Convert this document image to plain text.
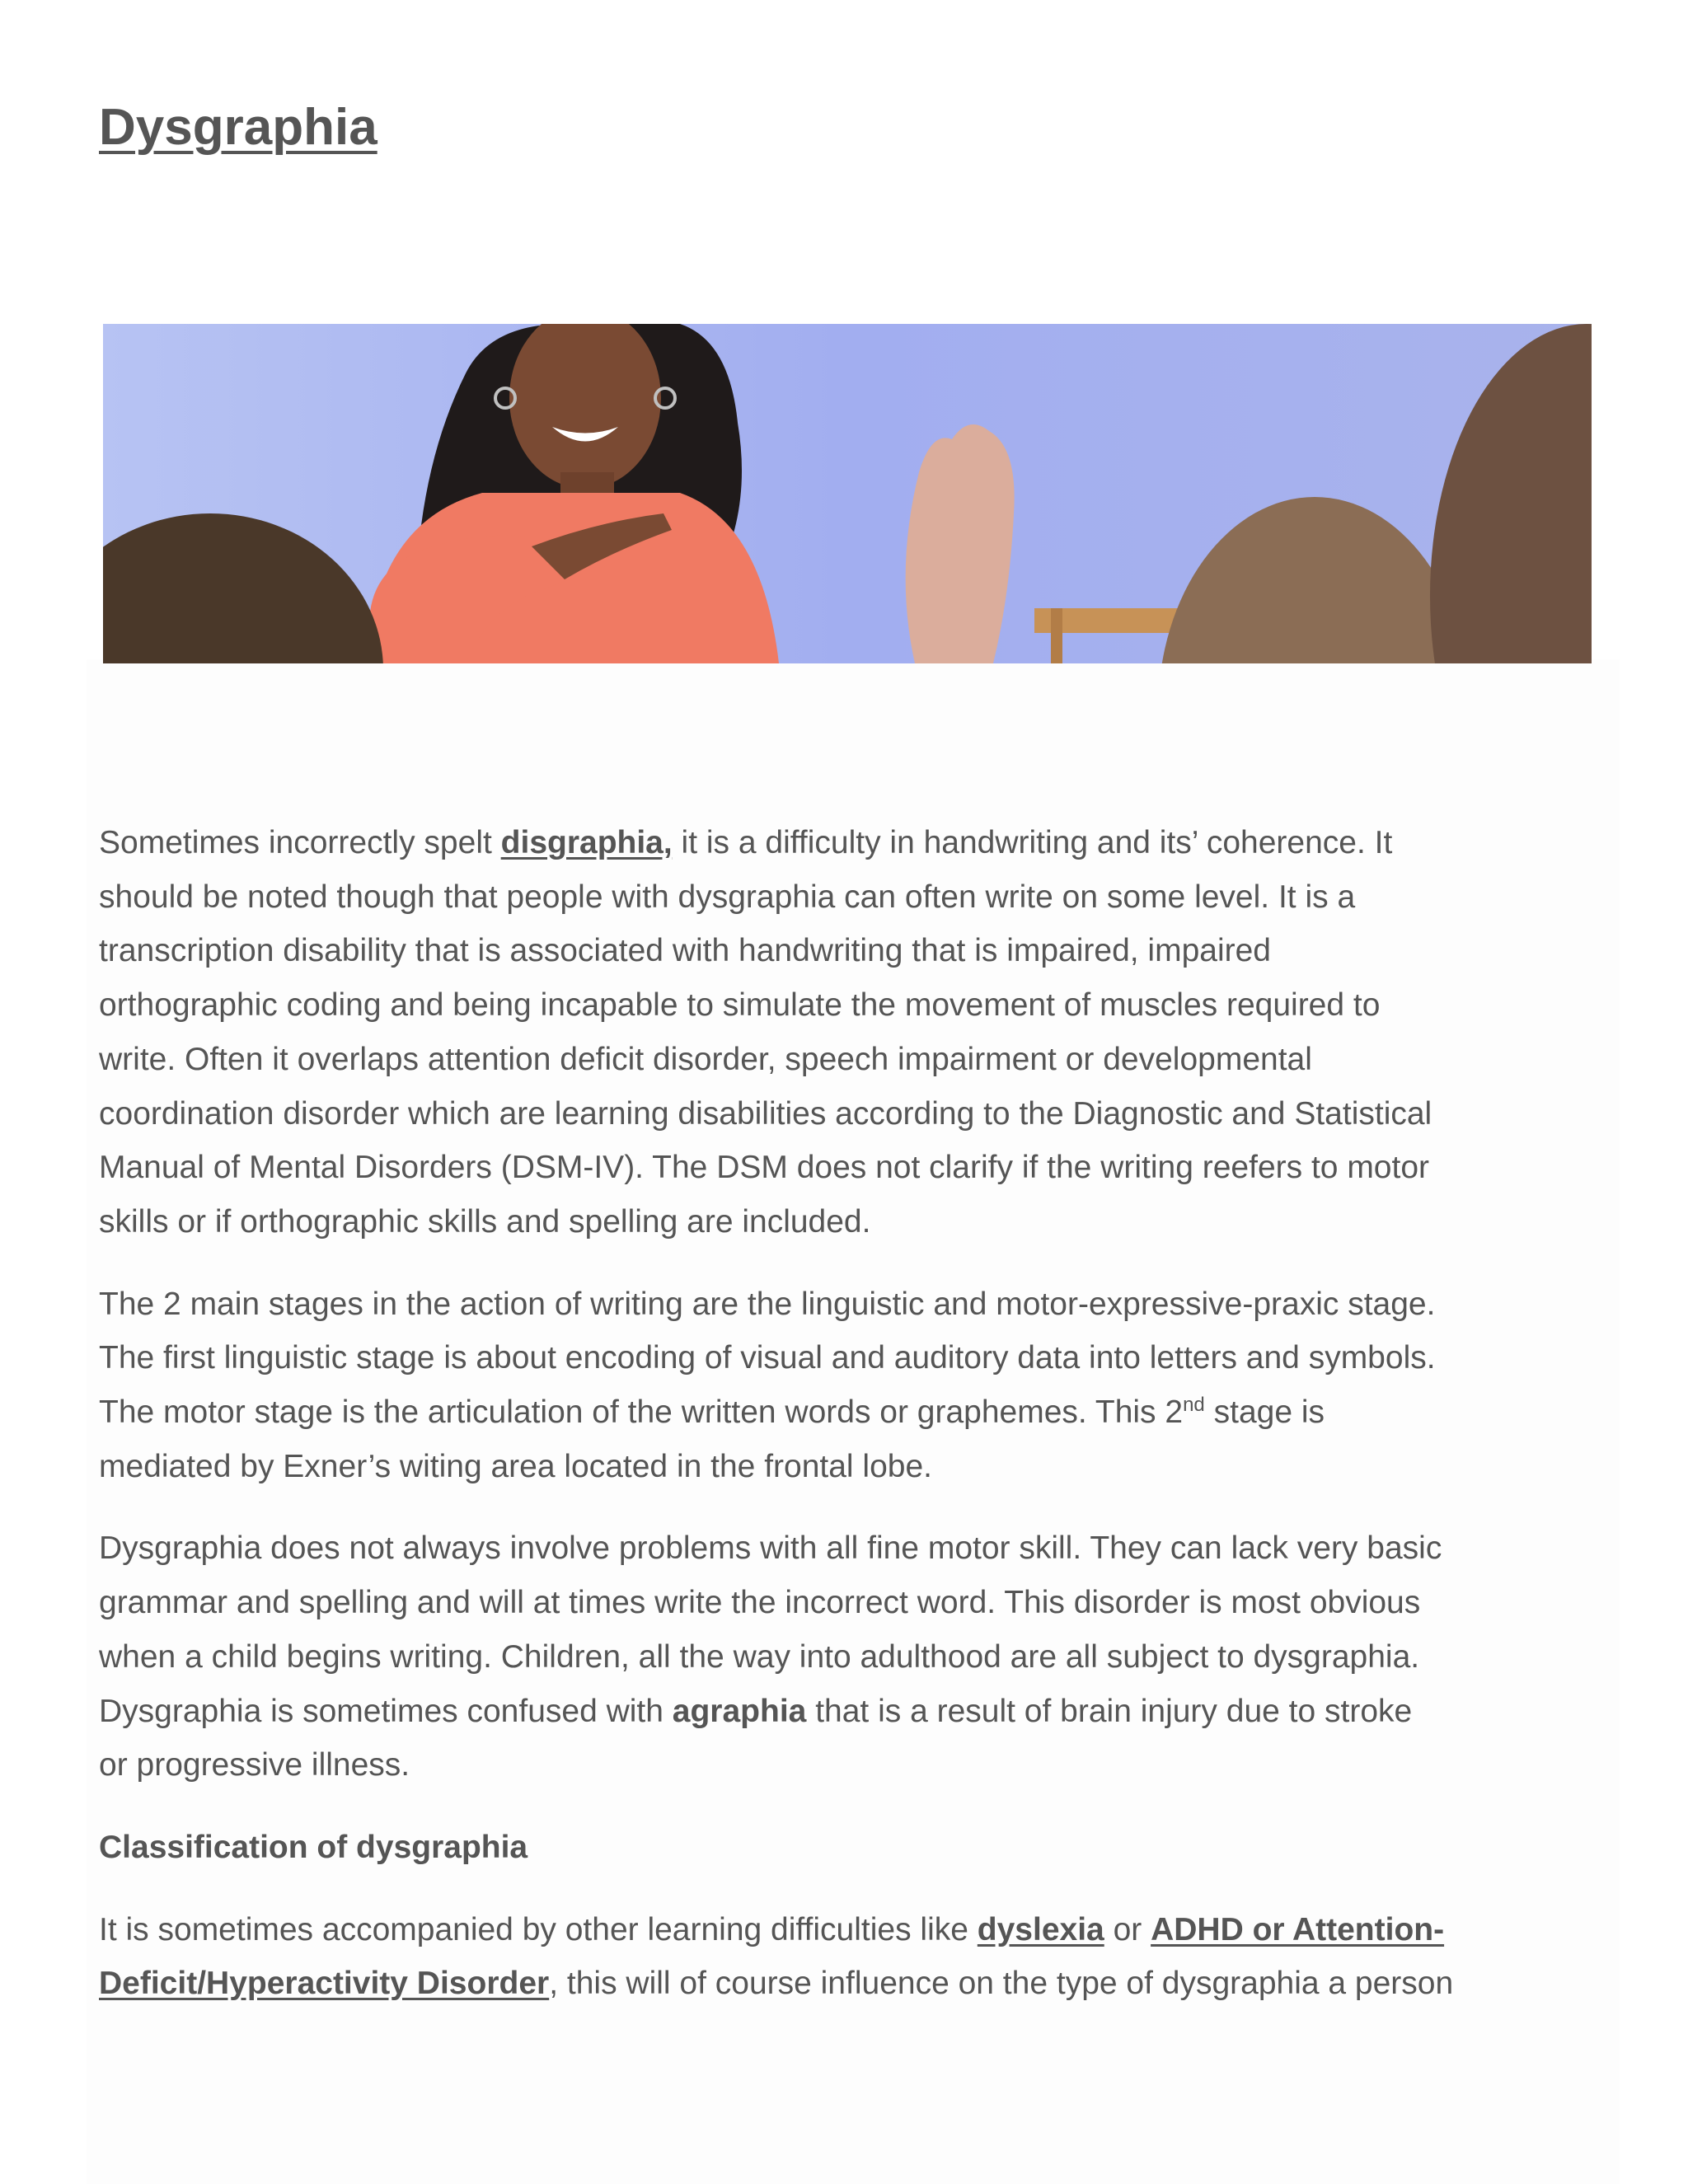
Dysgraphia

Sometimes incorrectly spelt disgraphia, it is a difficulty in handwriting and its’ coherence. It
should be noted though that people with dysgraphia can often write on some level. It is a
transcription disability that is associated with handwriting that is impaired, impaired
orthographic coding and being incapable to simulate the movement of muscles required to
write. Often it overlaps attention deficit disorder, speech impairment or developmental
coordination disorder which are learning disabilities according to the Diagnostic and Statistical
Manual of Mental Disorders (DSM-IV). The DSM does not clarify if the writing reefers to motor
skills or if orthographic skills and spelling are included.

The 2 main stages in the action of writing are the linguistic and motor-expressive-praxic stage.
The first linguistic stage is about encoding of visual and auditory data into letters and symbols.
The motor stage is the articulation of the written words or graphemes. This 2nd stage is
mediated by Exner’s witing area located in the frontal lobe.

Dysgraphia does not always involve problems with all fine motor skill. They can lack very basic
grammar and spelling and will at times write the incorrect word. This disorder is most obvious
when a child begins writing. Children, all the way into adulthood are all subject to dysgraphia.
Dysgraphia is sometimes confused with agraphia that is a result of brain injury due to stroke
or progressive illness.

Classification of dysgraphia

It is sometimes accompanied by other learning difficulties like dyslexia or ADHD or Attention-
Deficit/Hyperactivity Disorder, this will of course influence on the type of dysgraphia a person
